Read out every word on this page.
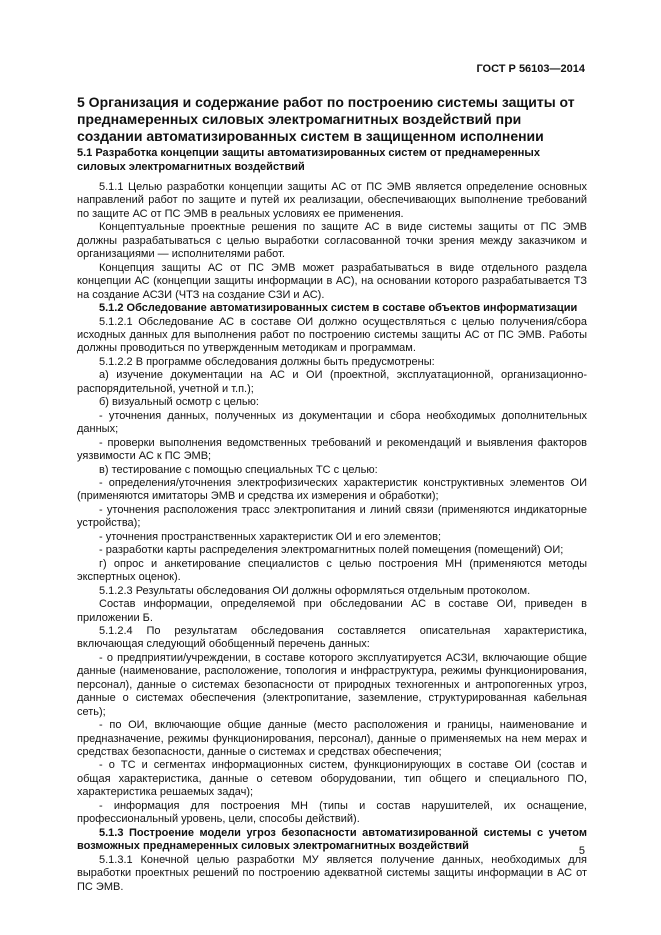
ГОСТ Р 56103—2014
5 Организация и содержание работ по построению системы защиты от преднамеренных силовых электромагнитных воздействий при создании автоматизированных систем в защищенном исполнении
5.1 Разработка концепции защиты автоматизированных систем от преднамеренных силовых электромагнитных воздействий

5.1.1 Целью разработки концепции защиты АС от ПС ЭМВ является определение основных направлений работ по защите и путей их реализации, обеспечивающих выполнение требований по защите АС от ПС ЭМВ в реальных условиях ее применения.

Концептуальные проектные решения по защите АС в виде системы защиты от ПС ЭМВ должны разрабатываться с целью выработки согласованной точки зрения между заказчиком и организациями — исполнителями работ.

Концепция защиты АС от ПС ЭМВ может разрабатываться в виде отдельного раздела концепции АС (концепции защиты информации в АС), на основании которого разрабатывается ТЗ на создание АСЗИ (ЧТЗ на создание СЗИ и АС).

5.1.2 Обследование автоматизированных систем в составе объектов информатизации

5.1.2.1 Обследование АС в составе ОИ должно осуществляться с целью получения/сбора исходных данных для выполнения работ по построению системы защиты АС от ПС ЭМВ. Работы должны проводиться по утвержденным методикам и программам.

5.1.2.2 В программе обследования должны быть предусмотрены:

а) изучение документации на АС и ОИ (проектной, эксплуатационной, организационно-распорядительной, учетной и т.п.);

б) визуальный осмотр с целью:

- уточнения данных, полученных из документации и сбора необходимых дополнительных данных;

- проверки выполнения ведомственных требований и рекомендаций и выявления факторов уязвимости АС к ПС ЭМВ;

в) тестирование с помощью специальных ТС с целью:

- определения/уточнения электрофизических характеристик конструктивных элементов ОИ (применяются имитаторы ЭМВ и средства их измерения и обработки);

- уточнения расположения трасс электропитания и линий связи (применяются индикаторные устройства);

- уточнения пространственных характеристик ОИ и его элементов;

- разработки карты распределения электромагнитных полей помещения (помещений) ОИ;

г) опрос и анкетирование специалистов с целью построения МН (применяются методы экспертных оценок).

5.1.2.3 Результаты обследования ОИ должны оформляться отдельным протоколом.

Состав информации, определяемой при обследовании АС в составе ОИ, приведен в приложении Б.

5.1.2.4 По результатам обследования составляется описательная характеристика, включающая следующий обобщенный перечень данных:

- о предприятии/учреждении, в составе которого эксплуатируется АСЗИ, включающие общие данные (наименование, расположение, топология и инфраструктура, режимы функционирования, персонал), данные о системах безопасности от природных техногенных и антропогенных угроз, данные о системах обеспечения (электропитание, заземление, структурированная кабельная сеть);

- по ОИ, включающие общие данные (место расположения и границы, наименование и предназначение, режимы функционирования, персонал), данные о применяемых на нем мерах и средствах безопасности, данные о системах и средствах обеспечения;

- о ТС и сегментах информационных систем, функционирующих в составе ОИ (состав и общая характеристика, данные о сетевом оборудовании, тип общего и специального ПО, характеристика решаемых задач);

- информация для построения МН (типы и состав нарушителей, их оснащение, профессиональный уровень, цели, способы действий).

5.1.3 Построение модели угроз безопасности автоматизированной системы с учетом возможных преднамеренных силовых электромагнитных воздействий

5.1.3.1 Конечной целью разработки МУ является получение данных, необходимых для выработки проектных решений по построению адекватной системы защиты информации в АС от ПС ЭМВ.

5
